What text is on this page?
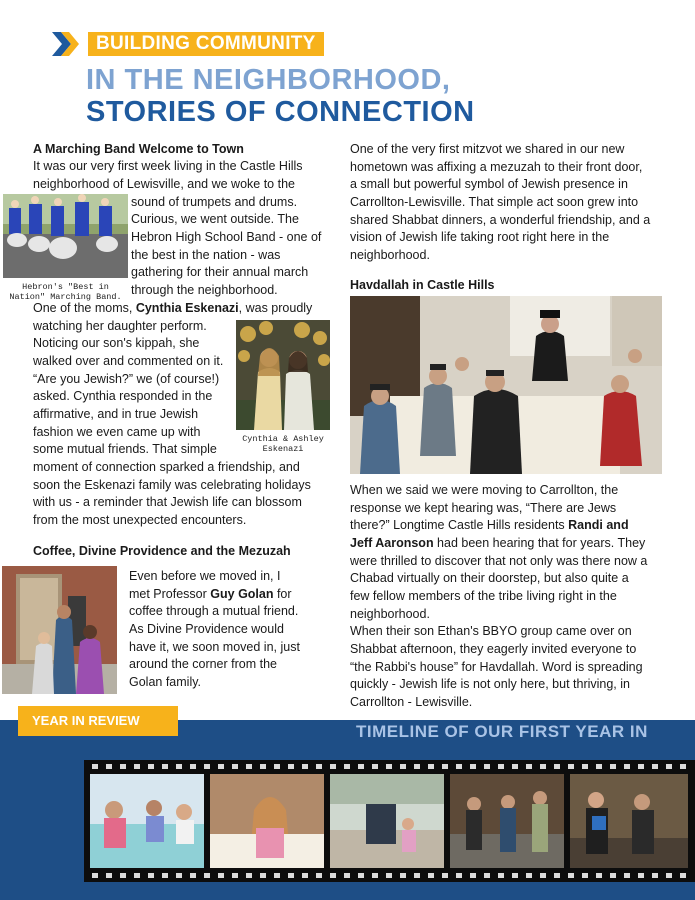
BUILDING COMMUNITY
IN THE NEIGHBORHOOD,
STORIES OF CONNECTION
A Marching Band Welcome to Town
It was our very first week living in the Castle Hills
neighborhood of Lewisville, and we woke to the
sound of trumpets and drums.
Curious, we went outside. The
Hebron High School Band - one of
the best in the nation - was
gathering for their annual march
through the neighborhood.
Hebron's "Best in
Nation" Marching Band.
One of the moms, Cynthia Eskenazi, was proudly
watching her daughter perform.
Noticing our son's kippah, she
walked over and commented on it.
“Are you Jewish?” we (of course!)
asked. Cynthia responded in the
affirmative, and in true Jewish
fashion we even came up with
some mutual friends. That simple
moment of connection sparked a friendship, and
soon the Eskenazi family was celebrating holidays
with us - a reminder that Jewish life can blossom
from the most unexpected encounters.
Cynthia & Ashley
Eskenazi
Coffee, Divine Providence and the Mezuzah
Even before we moved in, I
met Professor Guy Golan for
coffee through a mutual friend.
As Divine Providence would
have it, we soon moved in, just
around the corner from the
Golan family.
One of the very first mitzvot we shared in our new
hometown was affixing a mezuzah to their front door,
a small but powerful symbol of Jewish presence in
Carrollton-Lewisville. That simple act soon grew into
shared Shabbat dinners, a wonderful friendship, and a
vision of Jewish life taking root right here in the
neighborhood.
Havdallah in Castle Hills
When we said we were moving to Carrollton, the
response we kept hearing was, “There are Jews
there?” Longtime Castle Hills residents Randi and
Jeff Aaronson had been hearing that for years. They
were thrilled to discover that not only was there now a
Chabad virtually on their doorstep, but also quite a
few fellow members of the tribe living right in the
neighborhood.
When their son Ethan's BBYO group came over on
Shabbat afternoon, they eagerly invited everyone to
“the Rabbi's house” for Havdallah. Word is spreading
quickly - Jewish life is not only here, but thriving, in
Carrollton - Lewisville.
YEAR IN REVIEW
TIMELINE OF OUR FIRST YEAR IN
